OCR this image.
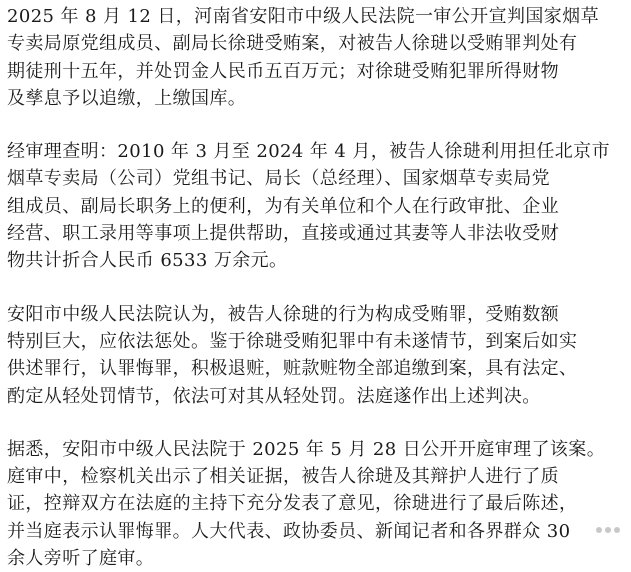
2025 年 8 月 12 日，河南省安阳市中级人民法院一审公开宣判国家烟草
专卖局原党组成员、副局长徐琎受贿案，对被告人徐琎以受贿罪判处有
期徒刑十五年，并处罚金人民币五百万元；对徐琎受贿犯罪所得财物
及孳息予以追缴，上缴国库。

经审理查明：2010 年 3 月至 2024 年 4 月，被告人徐琎利用担任北京市
烟草专卖局（公司）党组书记、局长（总经理）、国家烟草专卖局党
组成员、副局长职务上的便利，为有关单位和个人在行政审批、企业
经营、职工录用等事项上提供帮助，直接或通过其妻等人非法收受财
物共计折合人民币 6533 万余元。

安阳市中级人民法院认为，被告人徐琎的行为构成受贿罪，受贿数额
特别巨大，应依法惩处。鉴于徐琎受贿犯罪中有未遂情节，到案后如实
供述罪行，认罪悔罪，积极退赃，赃款赃物全部追缴到案，具有法定、
酌定从轻处罚情节，依法可对其从轻处罚。法庭遂作出上述判决。

据悉，安阳市中级人民法院于 2025 年 5 月 28 日公开开庭审理了该案。
庭审中，检察机关出示了相关证据，被告人徐琎及其辩护人进行了质
证，控辩双方在法庭的主持下充分发表了意见，徐琎进行了最后陈述，
并当庭表示认罪悔罪。人大代表、政协委员、新闻记者和各界群众 30
余人旁听了庭审。
